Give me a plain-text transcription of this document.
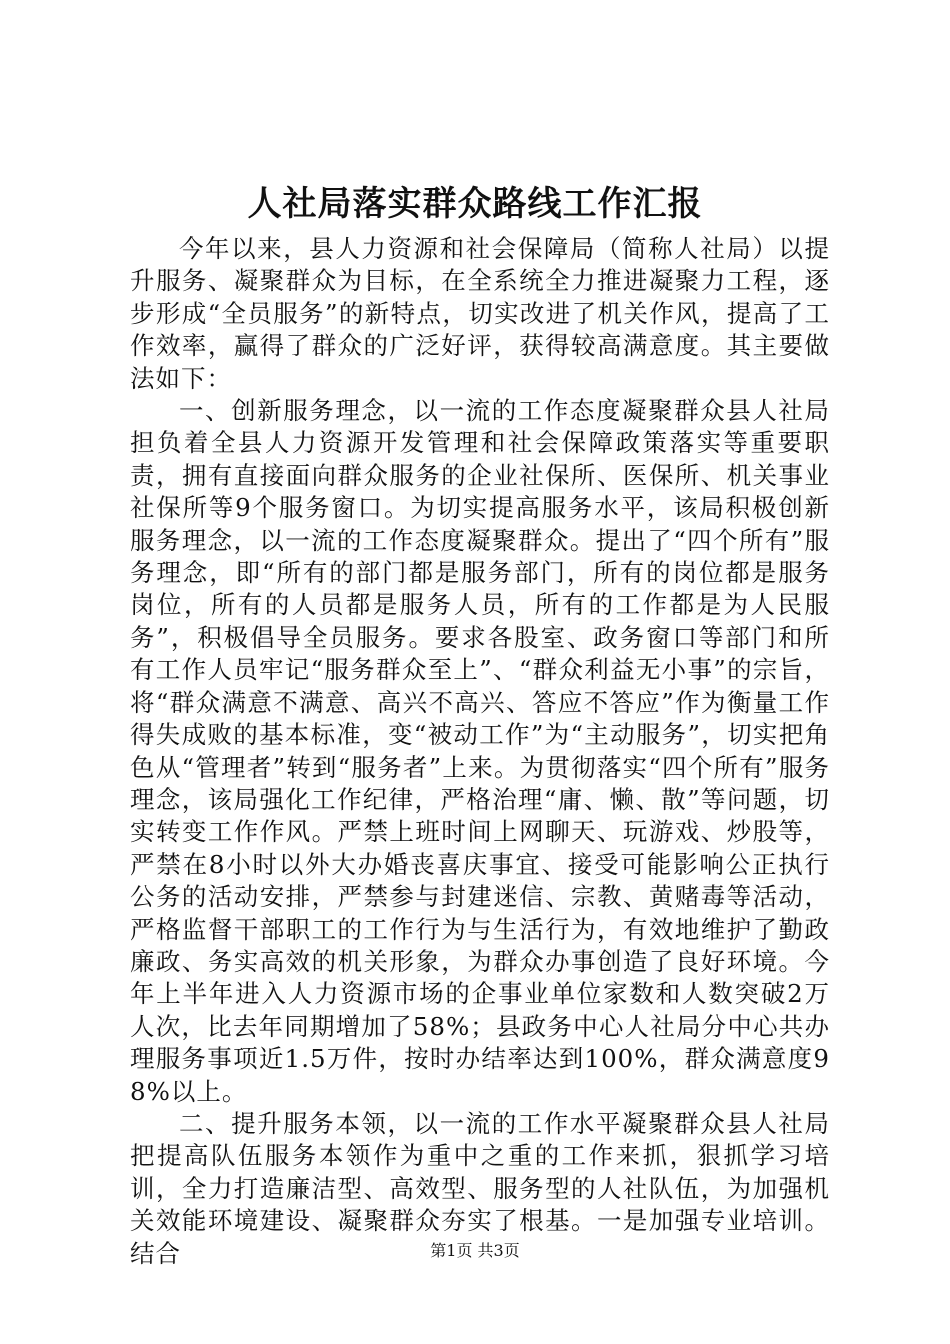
人社局落实群众路线工作汇报

今年以来，县人力资源和社会保障局（简称人社局）以提升服务、凝聚群众为目标，在全系统全力推进凝聚力工程，逐步形成“全员服务”的新特点，切实改进了机关作风，提高了工作效率，赢得了群众的广泛好评，获得较高满意度。其主要做法如下：

一、创新服务理念，以一流的工作态度凝聚群众县人社局担负着全县人力资源开发管理和社会保障政策落实等重要职责，拥有直接面向群众服务的企业社保所、医保所、机关事业社保所等9个服务窗口。为切实提高服务水平，该局积极创新服务理念，以一流的工作态度凝聚群众。提出了“四个所有”服务理念，即“所有的部门都是服务部门，所有的岗位都是服务岗位，所有的人员都是服务人员，所有的工作都是为人民服务”，积极倡导全员服务。要求各股室、政务窗口等部门和所有工作人员牢记“服务群众至上”、“群众利益无小事”的宗旨，将“群众满意不满意、高兴不高兴、答应不答应”作为衡量工作得失成败的基本标准，变“被动工作”为“主动服务”，切实把角色从“管理者”转到“服务者”上来。为贯彻落实“四个所有”服务理念，该局强化工作纪律，严格治理“庸、懒、散”等问题，切实转变工作作风。严禁上班时间上网聊天、玩游戏、炒股等，严禁在8小时以外大办婚丧喜庆事宜、接受可能影响公正执行公务的活动安排，严禁参与封建迷信、宗教、黄赌毒等活动，严格监督干部职工的工作行为与生活行为，有效地维护了勤政廉政、务实高效的机关形象，为群众办事创造了良好环境。今年上半年进入人力资源市场的企事业单位家数和人数突破2万人次，比去年同期增加了58%；县政务中心人社局分中心共办理服务事项近1.5万件，按时办结率达到100%，群众满意度98%以上。

二、提升服务本领，以一流的工作水平凝聚群众县人社局把提高队伍服务本领作为重中之重的工作来抓，狠抓学习培训，全力打造廉洁型、高效型、服务型的人社队伍，为加强机关效能环境建设、凝聚群众夯实了根基。一是加强专业培训。结合	第1页 共3页
